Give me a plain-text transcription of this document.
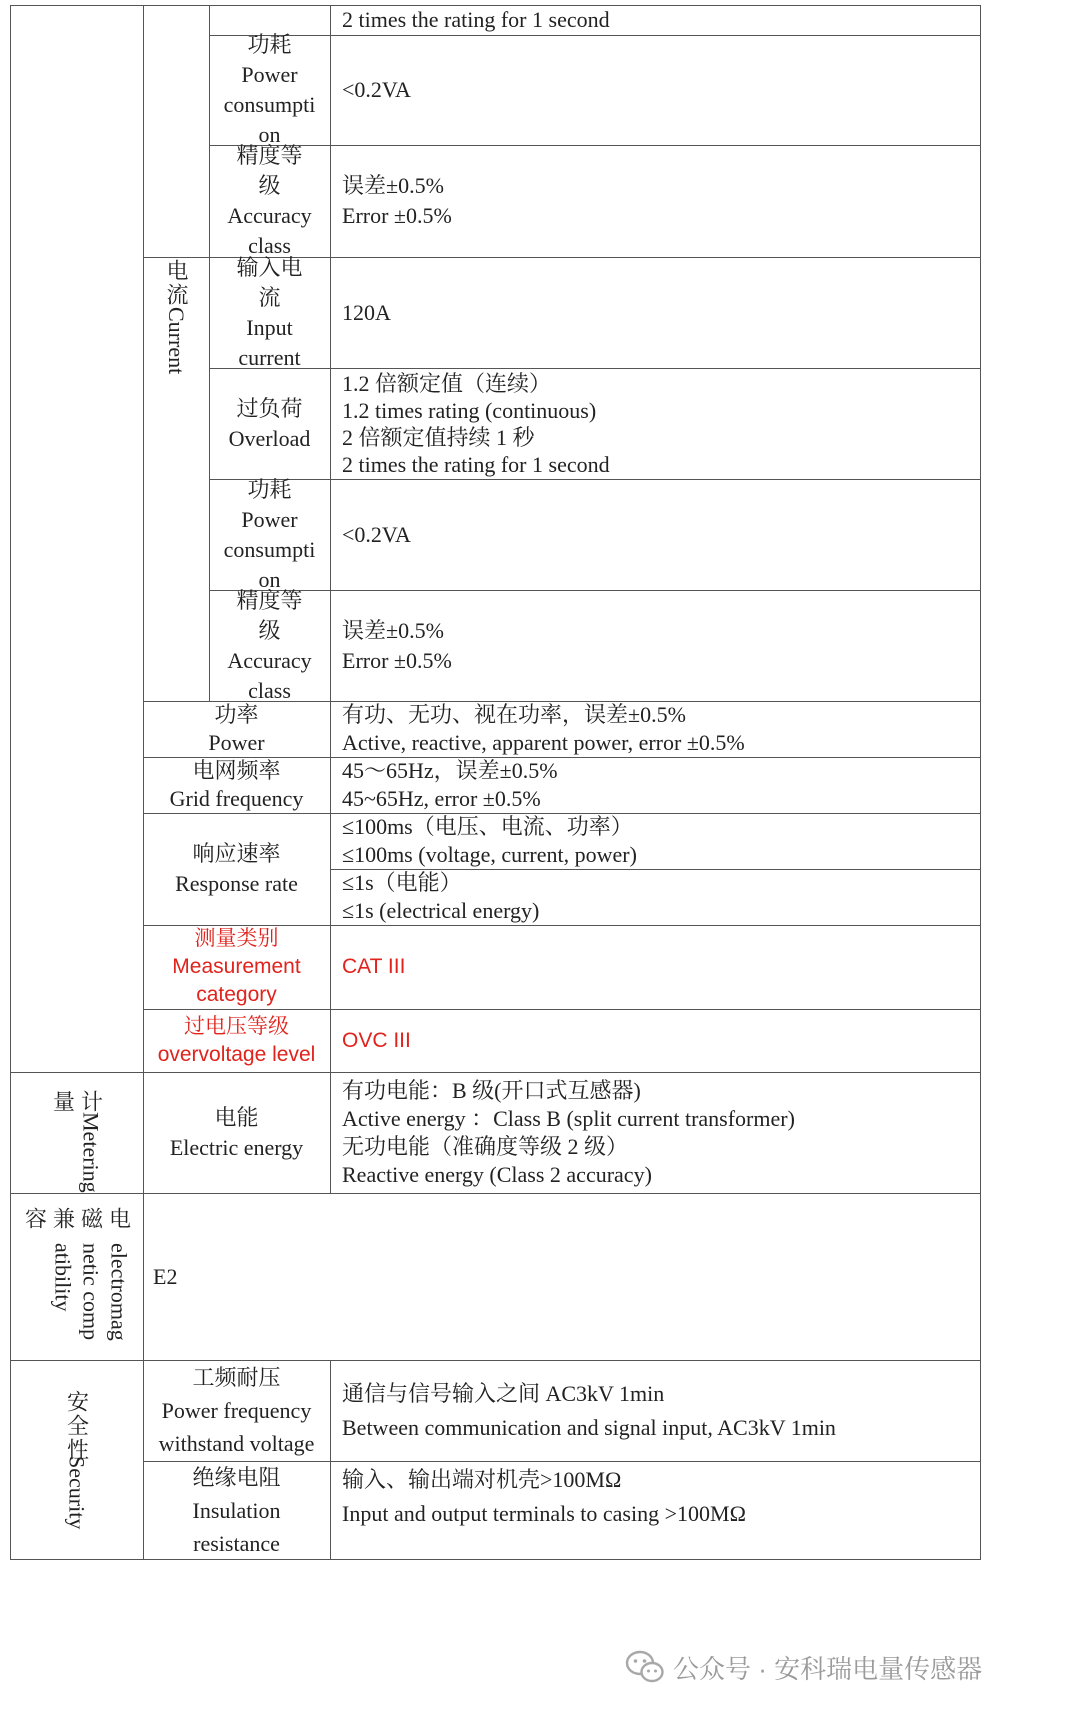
电流
Current
2 times the rating for 1 second
功耗
Power
consumpti
on
<0.2VA
精度等
级
Accuracy
class
误差±0.5%
Error ±0.5%
输入电
流
Input
current
120A
过负荷
Overload
1.2 倍额定值（连续）
1.2 times rating (continuous)
2 倍额定值持续 1 秒
2 times the rating for 1 second
功耗
Power
consumpti
on
<0.2VA
精度等
级
Accuracy
class
误差±0.5%
Error ±0.5%
功率
Power
有功、无功、视在功率，误差±0.5%
Active, reactive, apparent power, error ±0.5%
电网频率
Grid frequency
45～65Hz，误差±0.5%
45~65Hz, error ±0.5%
响应速率
Response rate
≤100ms（电压、电流、功率）
≤100ms (voltage, current, power)
≤1s（电能）
≤1s (electrical energy)
测量类别
Measurement
category
CAT III
过电压等级
overvoltage level
OVC III
计量
Metering	电能
Electric energy
有功电能：B 级(开口式互感器)
Active energy ：Class B (split current transformer)
无功电能（准确度等级 2 级）
Reactive energy (Class 2 accuracy)
电磁兼容
electromagnetic compatibility	E2
安全性
Security
工频耐压
Power frequency
withstand voltage
通信与信号输入之间 AC3kV 1min
Between communication and signal input, AC3kV 1min
绝缘电阻
Insulation
resistance
输入、输出端对机壳>100MΩ
Input and output terminals to casing >100MΩ
公众号 · 安科瑞电量传感器
